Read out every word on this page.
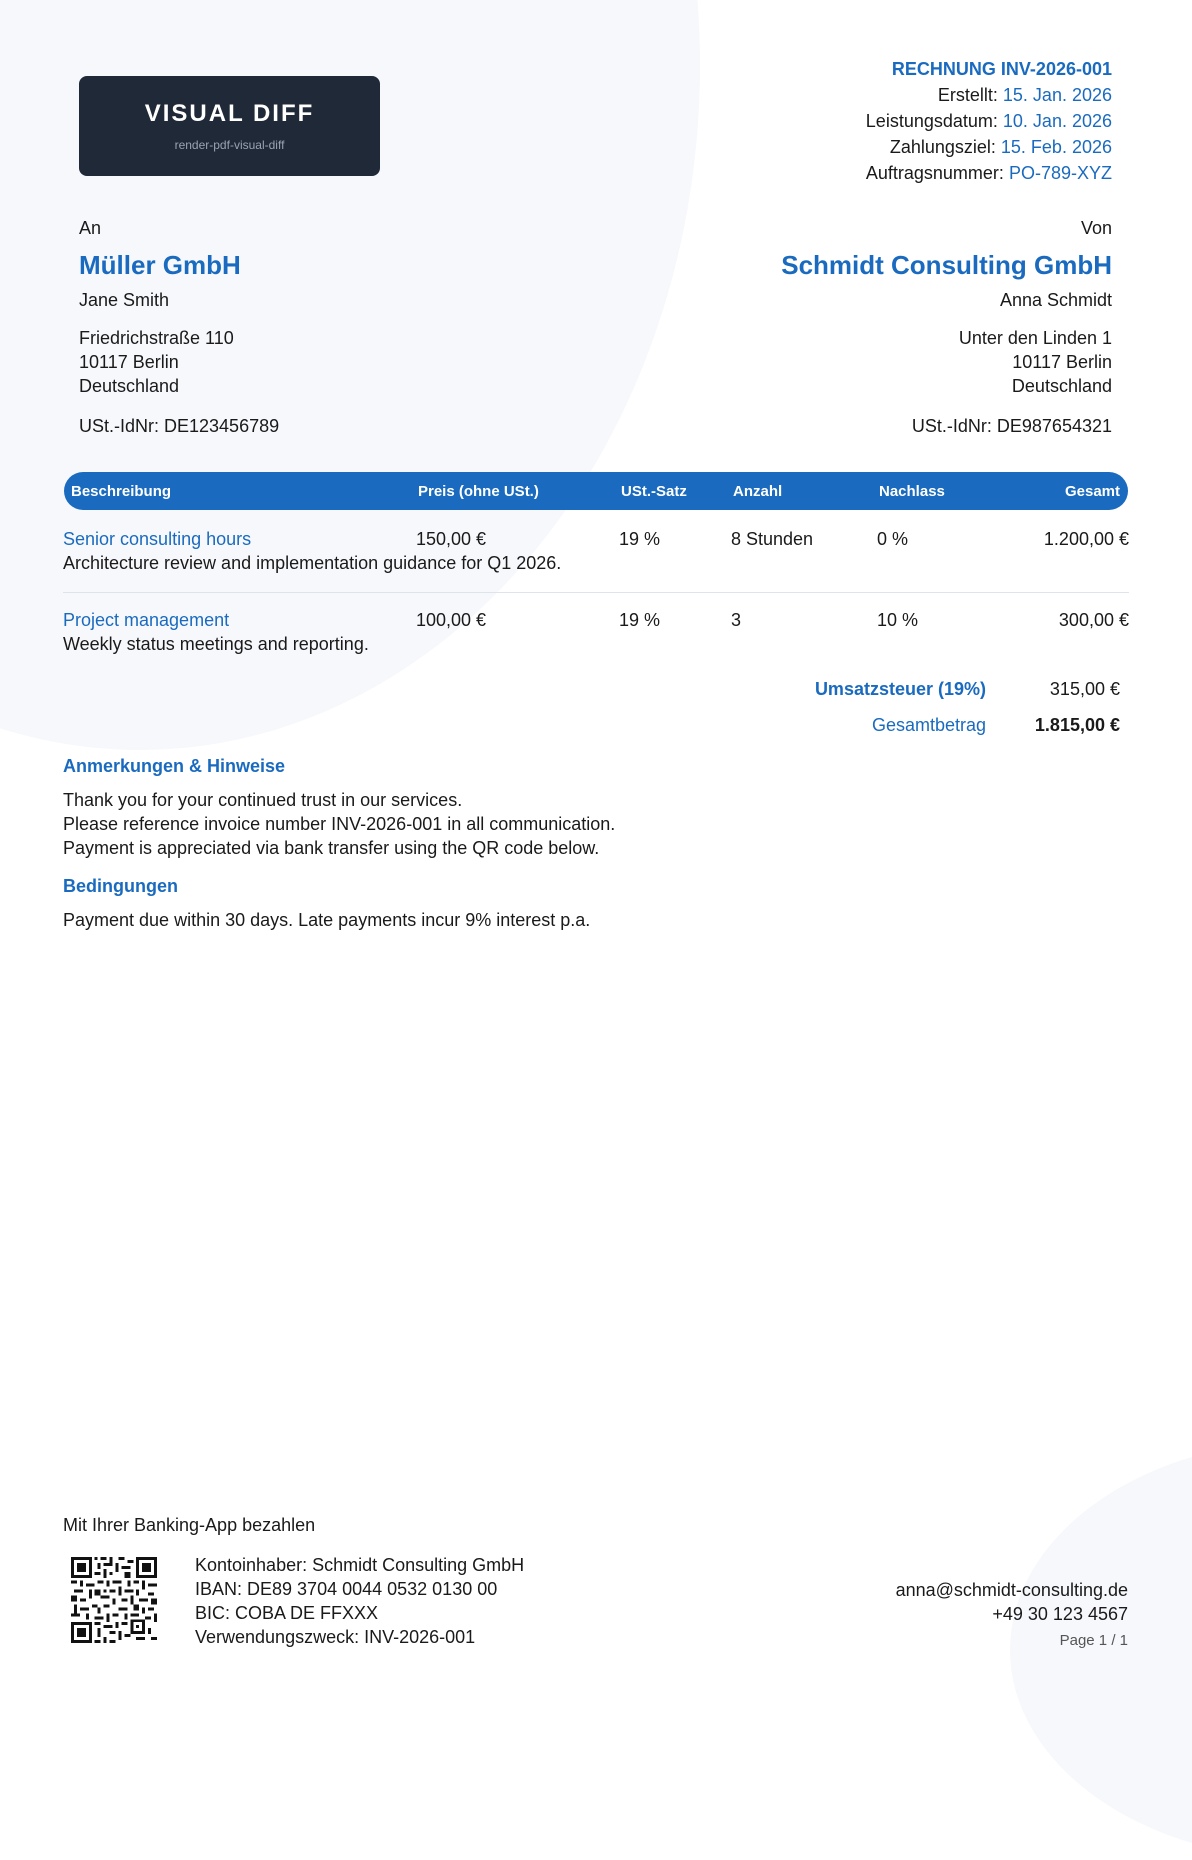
VISUAL DIFF
render-pdf-visual-diff
RECHNUNG INV-2026-001
Erstellt: 15. Jan. 2026
Leistungsdatum: 10. Jan. 2026
Zahlungsziel: 15. Feb. 2026
Auftragsnummer: PO-789-XYZ
An
Müller GmbH
Jane Smith
Friedrichstraße 110
10117 Berlin
Deutschland
USt.-IdNr: DE123456789
Von
Schmidt Consulting GmbH
Anna Schmidt
Unter den Linden 1
10117 Berlin
Deutschland
USt.-IdNr: DE987654321
Beschreibung	Preis (ohne USt.)	USt.-Satz	Anzahl	Nachlass	Gesamt
Senior consulting hours
Architecture review and implementation guidance for Q1 2026.
150,00 €	19 %	8 Stunden	0 %	1.200,00 €
Project management
Weekly status meetings and reporting.
100,00 €	19 %	3	10 %	300,00 €
Umsatzsteuer (19%)	315,00 €
Gesamtbetrag	1.815,00 €
Anmerkungen & Hinweise
Thank you for your continued trust in our services.
Please reference invoice number INV-2026-001 in all communication.
Payment is appreciated via bank transfer using the QR code below.
Bedingungen
Payment due within 30 days. Late payments incur 9% interest p.a.
Mit Ihrer Banking-App bezahlen
Kontoinhaber: Schmidt Consulting GmbH
IBAN: DE89 3704 0044 0532 0130 00
BIC: COBA DE FFXXX
Verwendungszweck: INV-2026-001
anna@schmidt-consulting.de
+49 30 123 4567
Page 1 / 1
